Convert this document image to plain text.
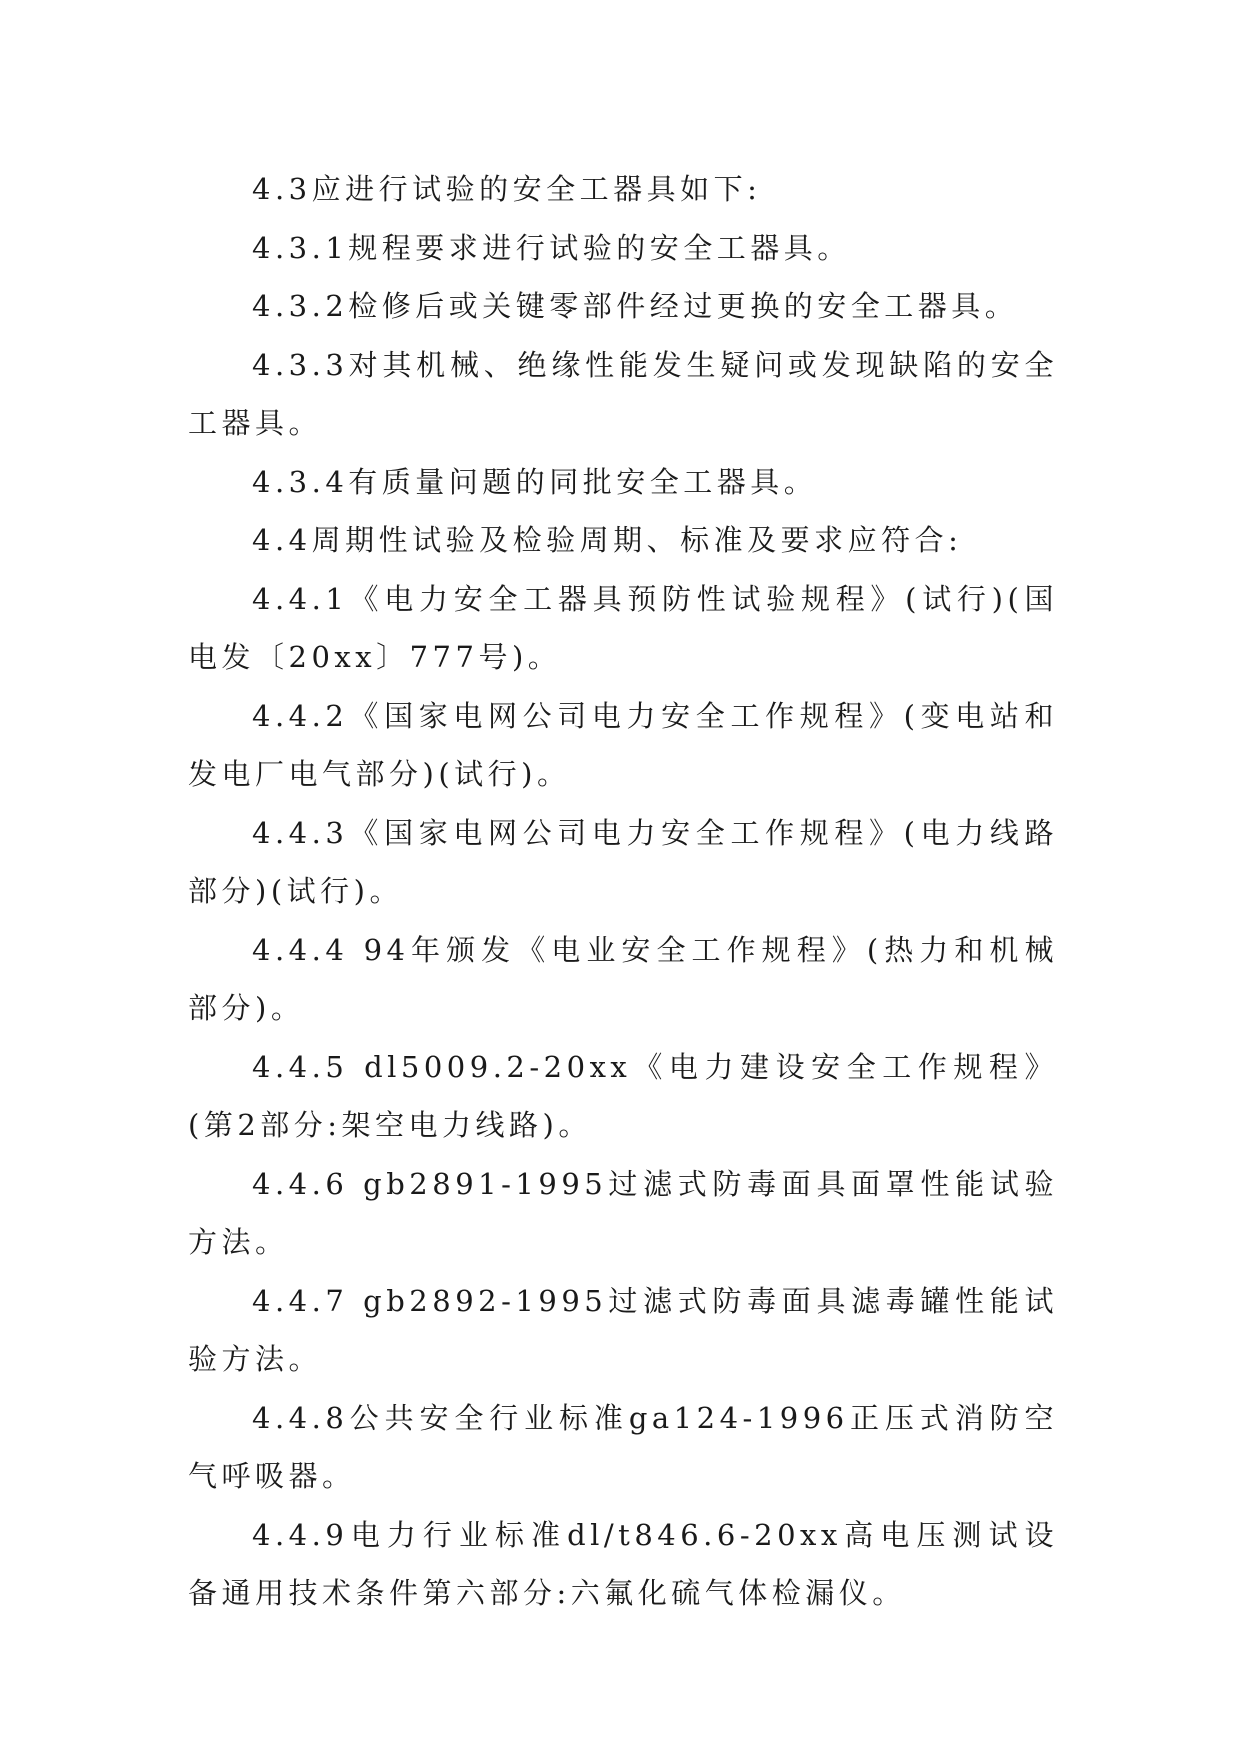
4.3应进行试验的安全工器具如下:

4.3.1规程要求进行试验的安全工器具。

4.3.2检修后或关键零部件经过更换的安全工器具。

4.3.3对其机械、绝缘性能发生疑问或发现缺陷的安全工器具。

4.3.4有质量问题的同批安全工器具。

4.4周期性试验及检验周期、标准及要求应符合:

4.4.1《电力安全工器具预防性试验规程》(试行)(国电发〔20xx〕777号)。

4.4.2《国家电网公司电力安全工作规程》(变电站和发电厂电气部分)(试行)。

4.4.3《国家电网公司电力安全工作规程》(电力线路部分)(试行)。

4.4.4 94年颁发《电业安全工作规程》(热力和机械部分)。

4.4.5 dl5009.2-20xx《电力建设安全工作规程》(第2部分:架空电力线路)。

4.4.6 gb2891-1995过滤式防毒面具面罩性能试验方法。

4.4.7 gb2892-1995过滤式防毒面具滤毒罐性能试验方法。

4.4.8公共安全行业标准ga124-1996正压式消防空气呼吸器。

4.4.9电力行业标准dl/t846.6-20xx高电压测试设备通用技术条件第六部分:六氟化硫气体检漏仪。
